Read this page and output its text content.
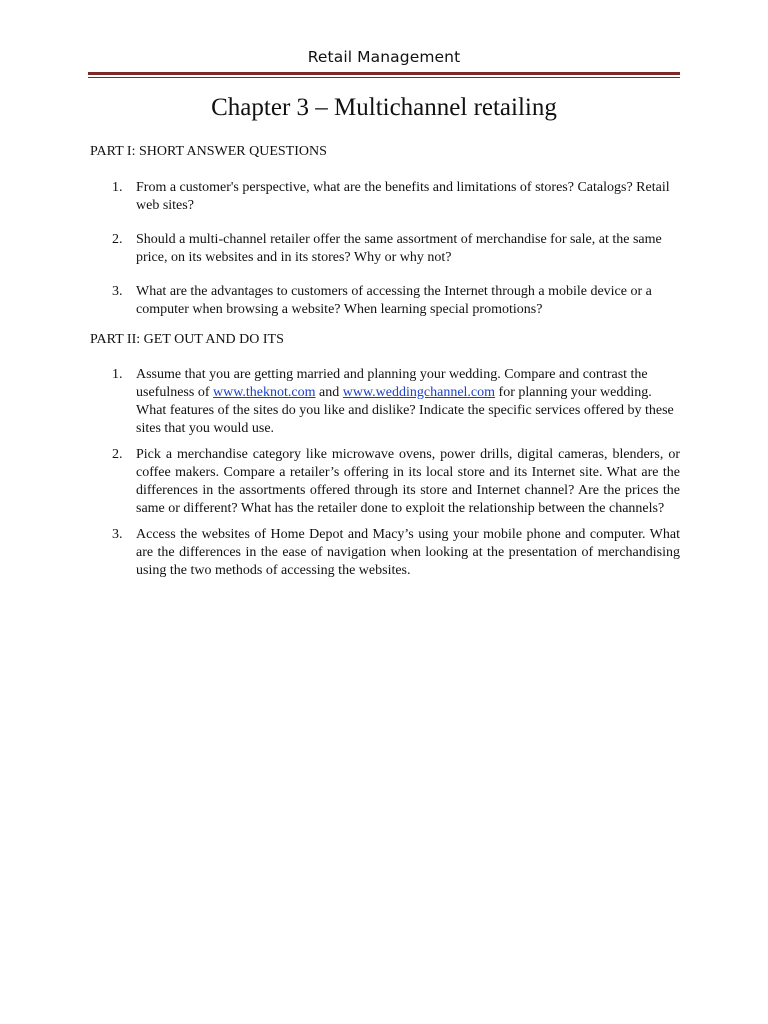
Retail Management
Chapter 3 – Multichannel retailing
PART I: SHORT ANSWER QUESTIONS
1. From a customer's perspective, what are the benefits and limitations of stores? Catalogs? Retail web sites?
2. Should a multi-channel retailer offer the same assortment of merchandise for sale, at the same price, on its websites and in its stores? Why or why not?
3. What are the advantages to customers of accessing the Internet through a mobile device or a computer when browsing a website? When learning special promotions?
PART II: GET OUT AND DO ITS
1. Assume that you are getting married and planning your wedding. Compare and contrast the usefulness of www.theknot.com and www.weddingchannel.com for planning your wedding. What features of the sites do you like and dislike? Indicate the specific services offered by these sites that you would use.
2. Pick a merchandise category like microwave ovens, power drills, digital cameras, blenders, or coffee makers. Compare a retailer’s offering in its local store and its Internet site. What are the differences in the assortments offered through its store and Internet channel? Are the prices the same or different? What has the retailer done to exploit the relationship between the channels?
3. Access the websites of Home Depot and Macy’s using your mobile phone and computer. What are the differences in the ease of navigation when looking at the presentation of merchandising using the two methods of accessing the websites.
